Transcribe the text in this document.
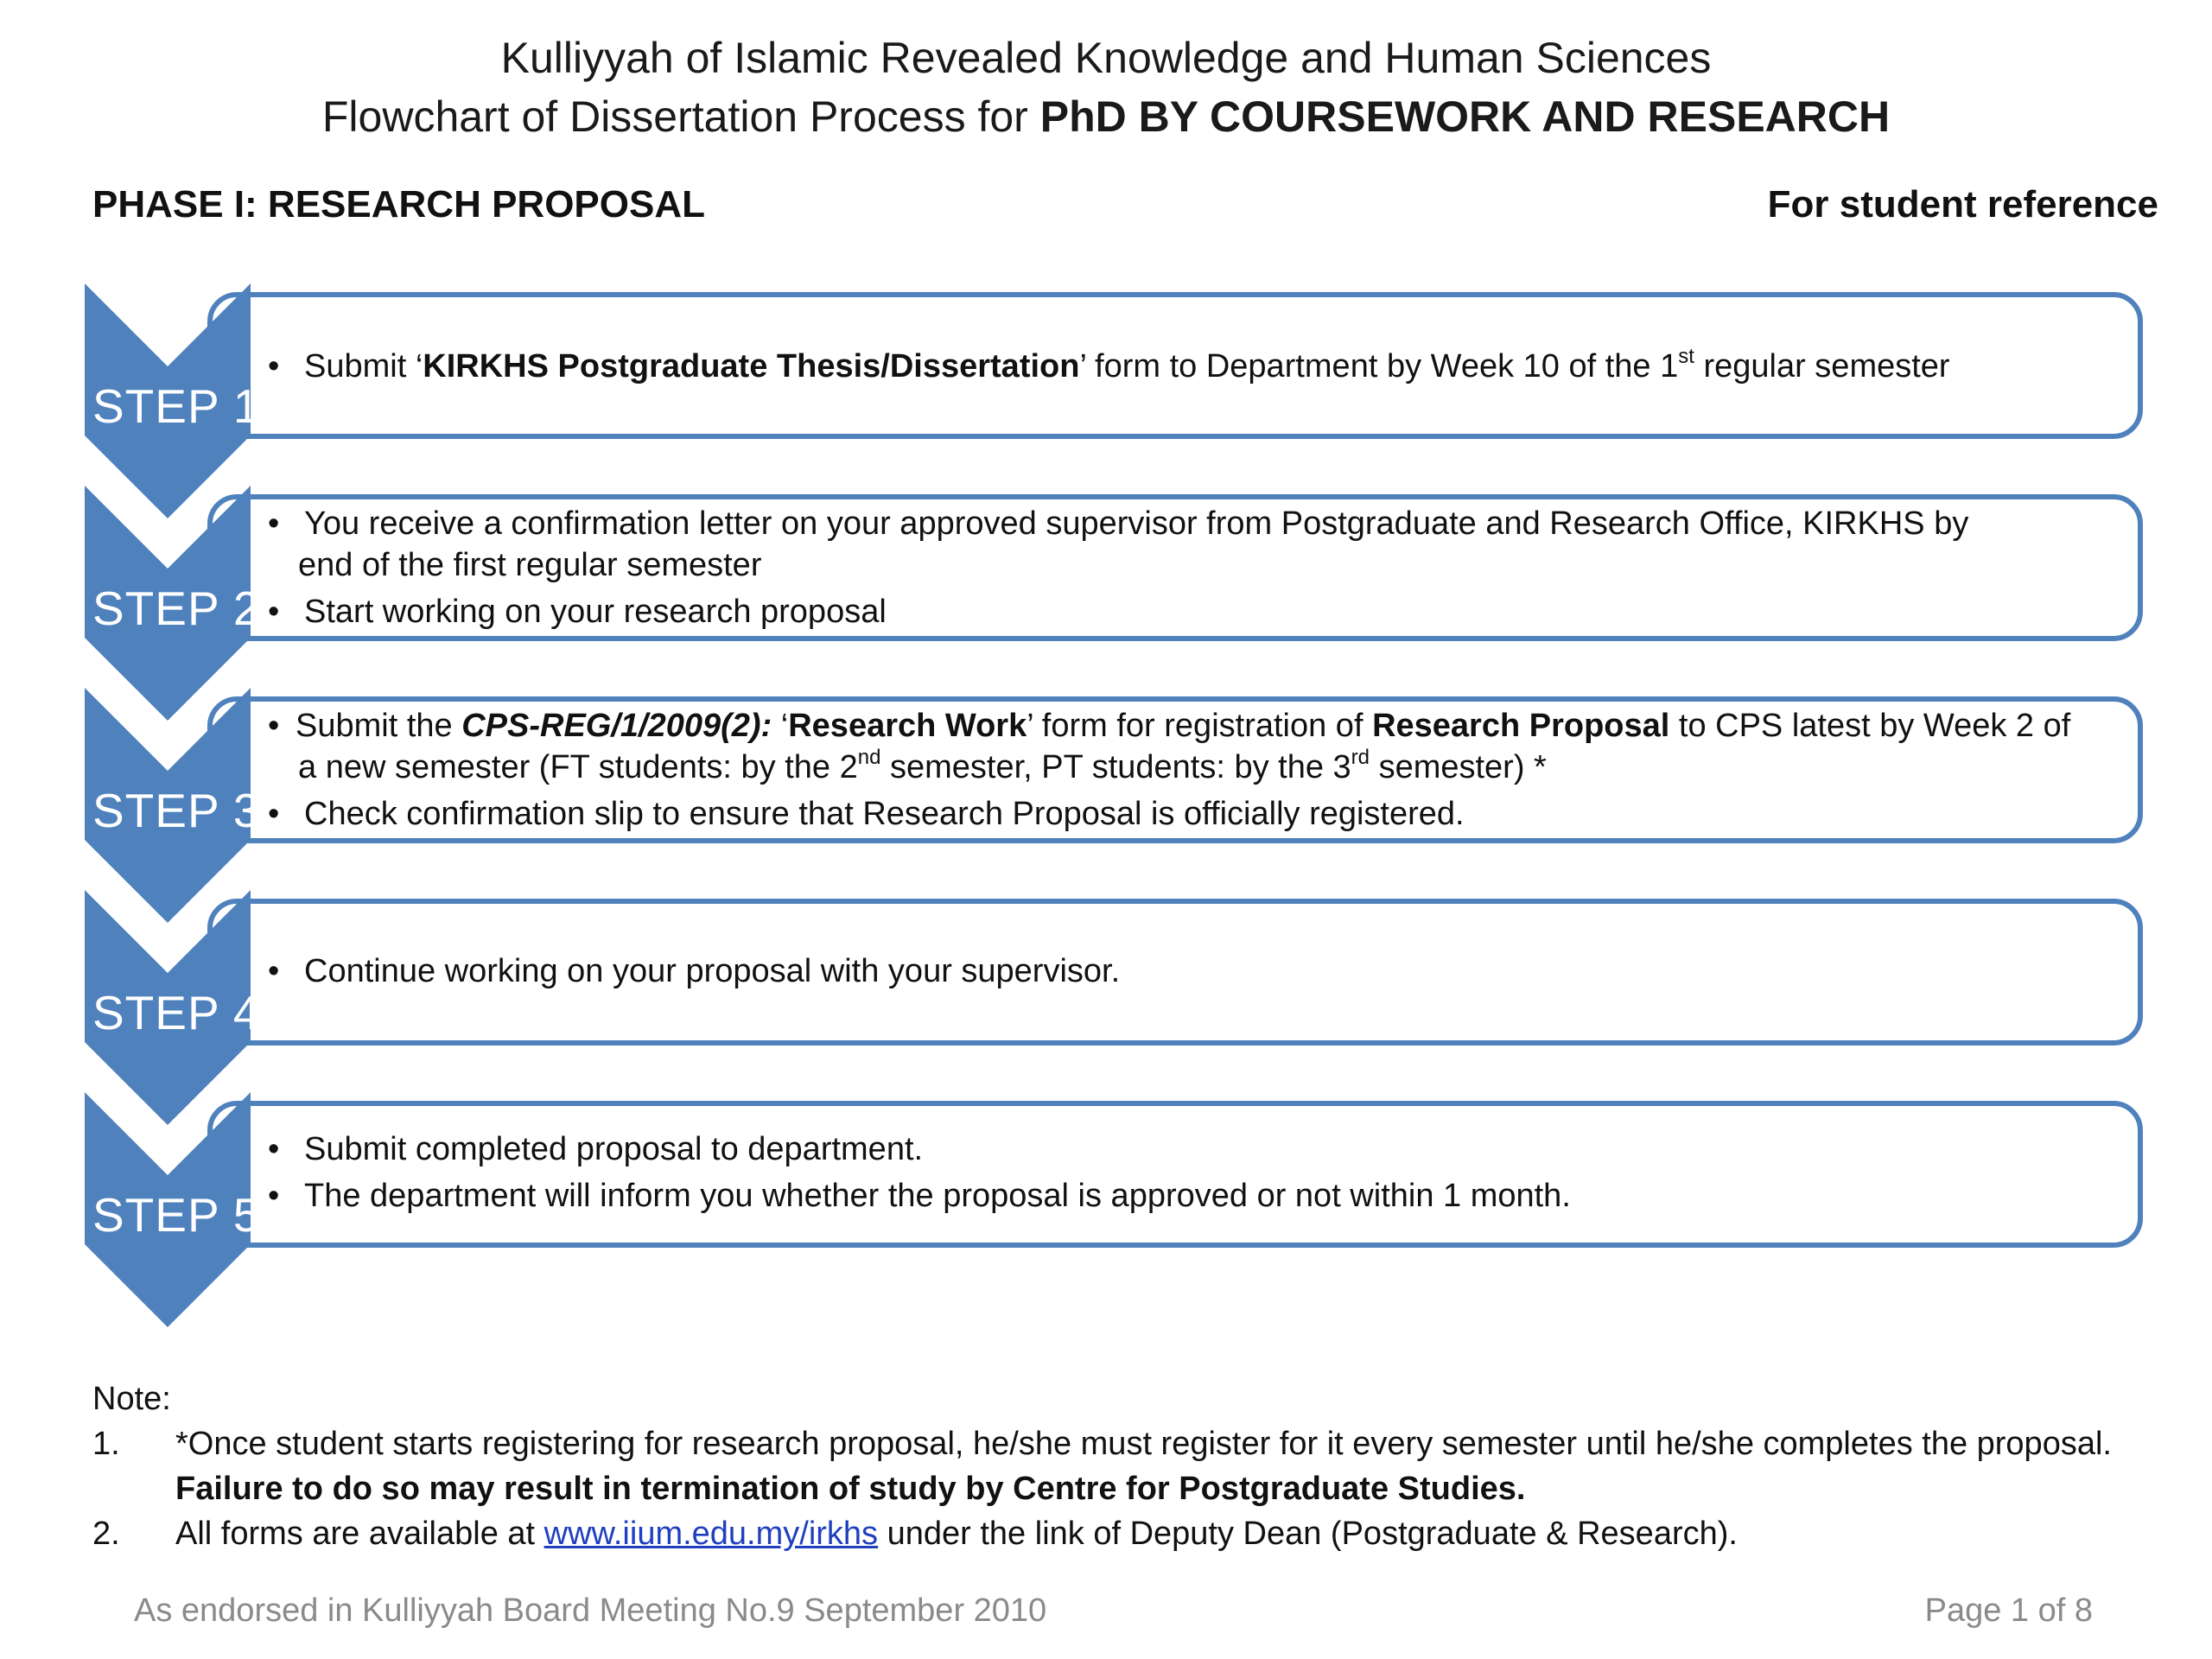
Kulliyyah of Islamic Revealed Knowledge and Human Sciences
Flowchart of Dissertation Process for PhD BY COURSEWORK AND RESEARCH
PHASE I: RESEARCH PROPOSAL	For student reference
STEP 1
STEP 2
STEP 3
STEP 4
STEP 5
• Submit ‘KIRKHS Postgraduate Thesis/Dissertation’ form to Department by Week 10 of the 1st regular semester
• You receive a confirmation letter on your approved supervisor from Postgraduate and Research Office, KIRKHS by
end of the first regular semester
• Start working on your research proposal
• Submit the CPS-REG/1/2009(2): ‘Research Work’ form for registration of Research Proposal to CPS latest by Week 2 of
a new semester (FT students: by the 2nd semester, PT students: by the 3rd semester) *
• Check confirmation slip to ensure that Research Proposal is officially registered.
• Continue working on your proposal with your supervisor.
• Submit completed proposal to department.
• The department will inform you whether the proposal is approved or not within 1 month.
Note:
1. *Once student starts registering for research proposal, he/she must register for it every semester until he/she completes the proposal.
Failure to do so may result in termination of study by Centre for Postgraduate Studies.
2. All forms are available at www.iium.edu.my/irkhs under the link of Deputy Dean (Postgraduate & Research).
As endorsed in Kulliyyah Board Meeting No.9 September 2010	Page 1 of 8
